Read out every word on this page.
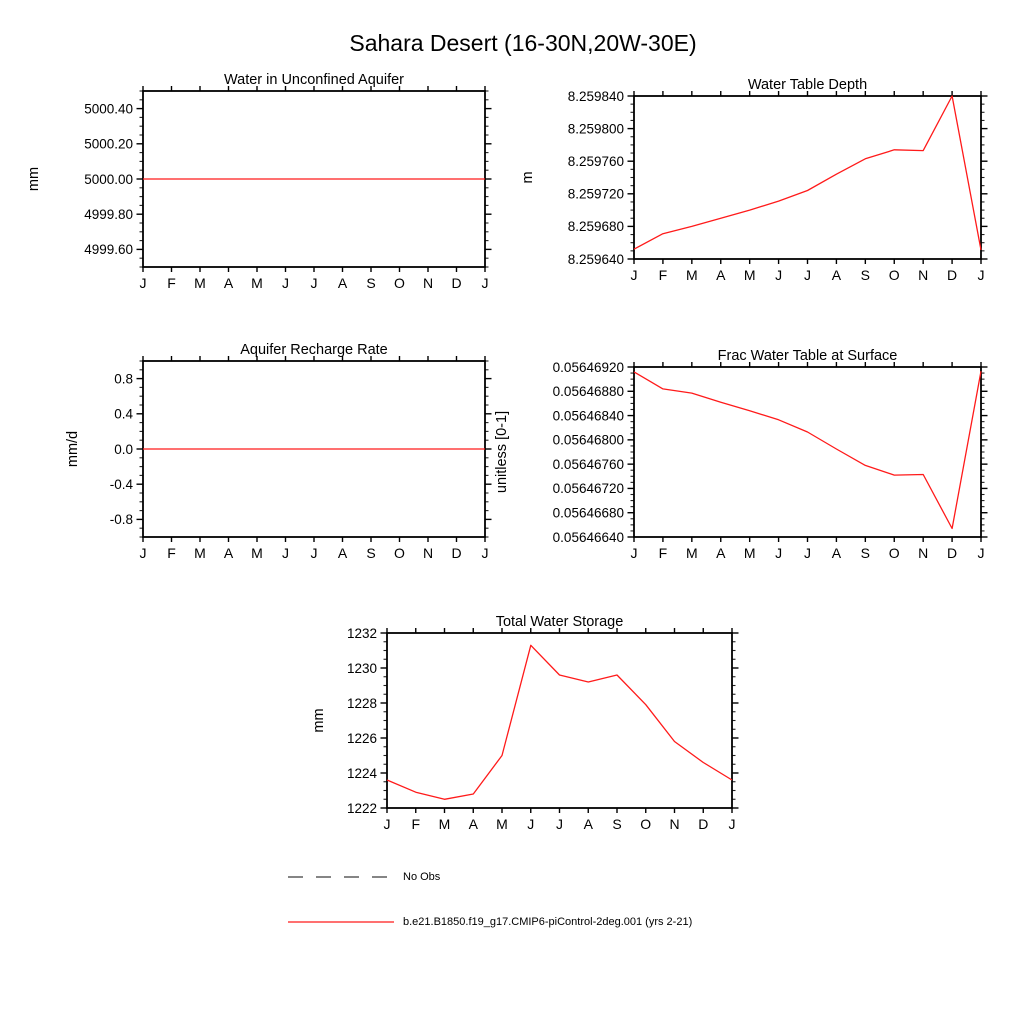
Sahara Desert (16-30N,20W-30E)
4999.60
4999.80
5000.00
5000.20
5000.40
J F M A M J J A S O N D J
Water in Unconfined Aquifer
mm
8.259640
8.259680
8.259720
8.259760
8.259800
8.259840
J F M A M J J A S O N D J
Water Table Depth
m
-0.8
-0.4
0.0
0.4
0.8
J F M A M J J A S O N D J
Aquifer Recharge Rate
mm/d
0.05646640
0.05646680
0.05646720
0.05646760
0.05646800
0.05646840
0.05646880
0.05646920
J F M A M J J A S O N D J
Frac Water Table at Surface
unitless [0-1]
1222
1224
1226
1228
1230
1232
J F M A M J J A S O N D J
Total Water Storage
mm
No Obs
b.e21.B1850.f19_g17.CMIP6-piControl-2deg.001 (yrs 2-21)
